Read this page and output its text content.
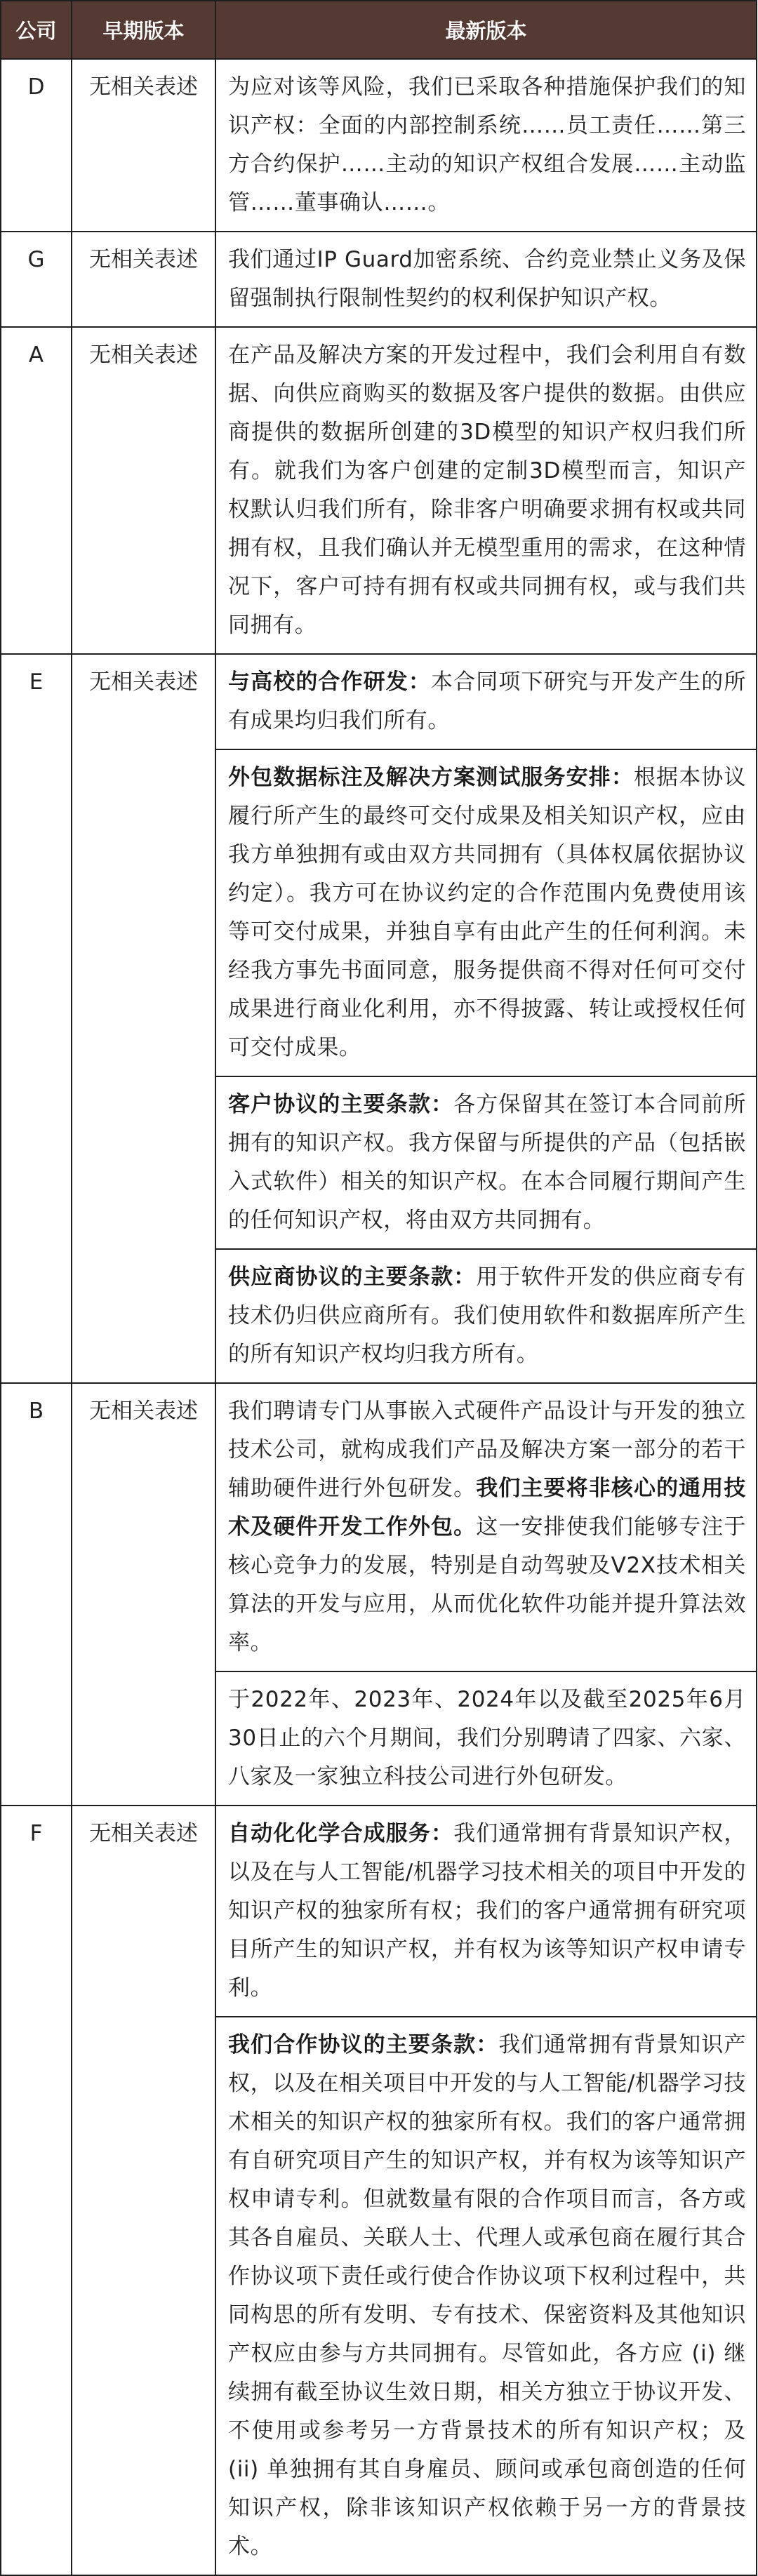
公司	早期版本	最新版本
D	无相关表述	为应对该等风险，我们已采取各种措施保护我们的知识产权：全面的内部控制系统……员工责任……第三方合约保护……主动的知识产权组合发展……主动监管……董事确认……。
G	无相关表述	我们通过IP Guard加密系统、合约竞业禁止义务及保留强制执行限制性契约的权利保护知识产权。
A	无相关表述	在产品及解决方案的开发过程中，我们会利用自有数据、向供应商购买的数据及客户提供的数据。由供应商提供的数据所创建的3D模型的知识产权归我们所有。就我们为客户创建的定制3D模型而言，知识产权默认归我们所有，除非客户明确要求拥有权或共同拥有权，且我们确认并无模型重用的需求，在这种情况下，客户可持有拥有权或共同拥有权，或与我们共同拥有。
E	无相关表述	与高校的合作研发：本合同项下研究与开发产生的所有成果均归我们所有。
		外包数据标注及解决方案测试服务安排：根据本协议履行所产生的最终可交付成果及相关知识产权，应由我方单独拥有或由双方共同拥有（具体权属依据协议约定）。我方可在协议约定的合作范围内免费使用该等可交付成果，并独自享有由此产生的任何利润。未经我方事先书面同意，服务提供商不得对任何可交付成果进行商业化利用，亦不得披露、转让或授权任何可交付成果。
		客户协议的主要条款：各方保留其在签订本合同前所拥有的知识产权。我方保留与所提供的产品（包括嵌入式软件）相关的知识产权。在本合同履行期间产生的任何知识产权，将由双方共同拥有。
		供应商协议的主要条款：用于软件开发的供应商专有技术仍归供应商所有。我们使用软件和数据库所产生的所有知识产权均归我方所有。
B	无相关表述	我们聘请专门从事嵌入式硬件产品设计与开发的独立技术公司，就构成我们产品及解决方案一部分的若干辅助硬件进行外包研发。我们主要将非核心的通用技术及硬件开发工作外包。这一安排使我们能够专注于核心竞争力的发展，特别是自动驾驶及V2X技术相关算法的开发与应用，从而优化软件功能并提升算法效率。
		于2022年、2023年、2024年以及截至2025年6月30日止的六个月期间，我们分别聘请了四家、六家、八家及一家独立科技公司进行外包研发。
F	无相关表述	自动化化学合成服务：我们通常拥有背景知识产权，以及在与人工智能/机器学习技术相关的项目中开发的知识产权的独家所有权；我们的客户通常拥有研究项目所产生的知识产权，并有权为该等知识产权申请专利。
		我们合作协议的主要条款：我们通常拥有背景知识产权，以及在相关项目中开发的与人工智能/机器学习技术相关的知识产权的独家所有权。我们的客户通常拥有自研究项目产生的知识产权，并有权为该等知识产权申请专利。但就数量有限的合作项目而言，各方或其各自雇员、关联人士、代理人或承包商在履行其合作协议项下责任或行使合作协议项下权利过程中，共同构思的所有发明、专有技术、保密资料及其他知识产权应由参与方共同拥有。尽管如此，各方应 (i) 继续拥有截至协议生效日期，相关方独立于协议开发、不使用或参考另一方背景技术的所有知识产权；及 (ii) 单独拥有其自身雇员、顾问或承包商创造的任何知识产权，除非该知识产权依赖于另一方的背景技术。
